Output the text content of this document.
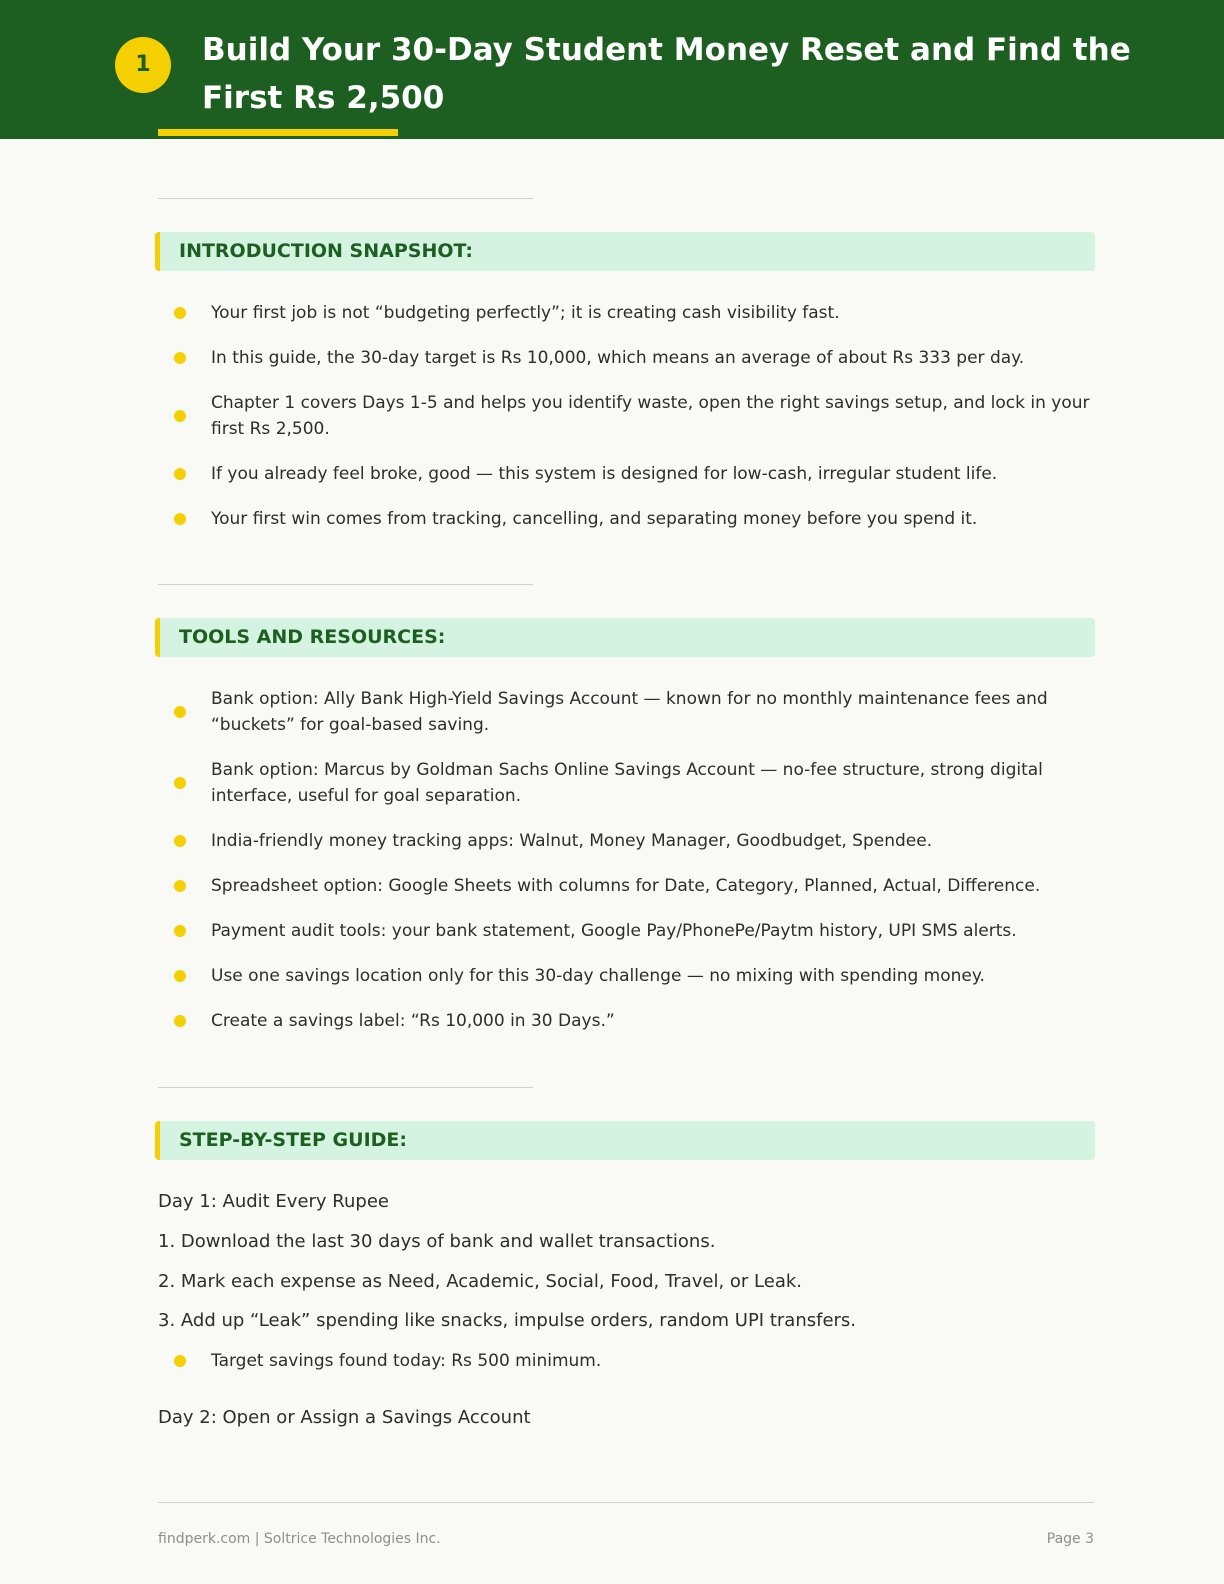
1	Build Your 30-Day Student Money Reset and Find the First Rs 2,500
INTRODUCTION SNAPSHOT:
Your first job is not “budgeting perfectly”; it is creating cash visibility fast.
In this guide, the 30-day target is Rs 10,000, which means an average of about Rs 333 per day.
Chapter 1 covers Days 1-5 and helps you identify waste, open the right savings setup, and lock in your first Rs 2,500.
If you already feel broke, good — this system is designed for low-cash, irregular student life.
Your first win comes from tracking, cancelling, and separating money before you spend it.
TOOLS AND RESOURCES:
Bank option: Ally Bank High-Yield Savings Account — known for no monthly maintenance fees and “buckets” for goal-based saving.
Bank option: Marcus by Goldman Sachs Online Savings Account — no-fee structure, strong digital interface, useful for goal separation.
India-friendly money tracking apps: Walnut, Money Manager, Goodbudget, Spendee.
Spreadsheet option: Google Sheets with columns for Date, Category, Planned, Actual, Difference.
Payment audit tools: your bank statement, Google Pay/PhonePe/Paytm history, UPI SMS alerts.
Use one savings location only for this 30-day challenge — no mixing with spending money.
Create a savings label: “Rs 10,000 in 30 Days.”
STEP-BY-STEP GUIDE:
Day 1: Audit Every Rupee
1. Download the last 30 days of bank and wallet transactions.
2. Mark each expense as Need, Academic, Social, Food, Travel, or Leak.
3. Add up “Leak” spending like snacks, impulse orders, random UPI transfers.
Target savings found today: Rs 500 minimum.
Day 2: Open or Assign a Savings Account
findperk.com | Soltrice Technologies Inc.	Page 3
